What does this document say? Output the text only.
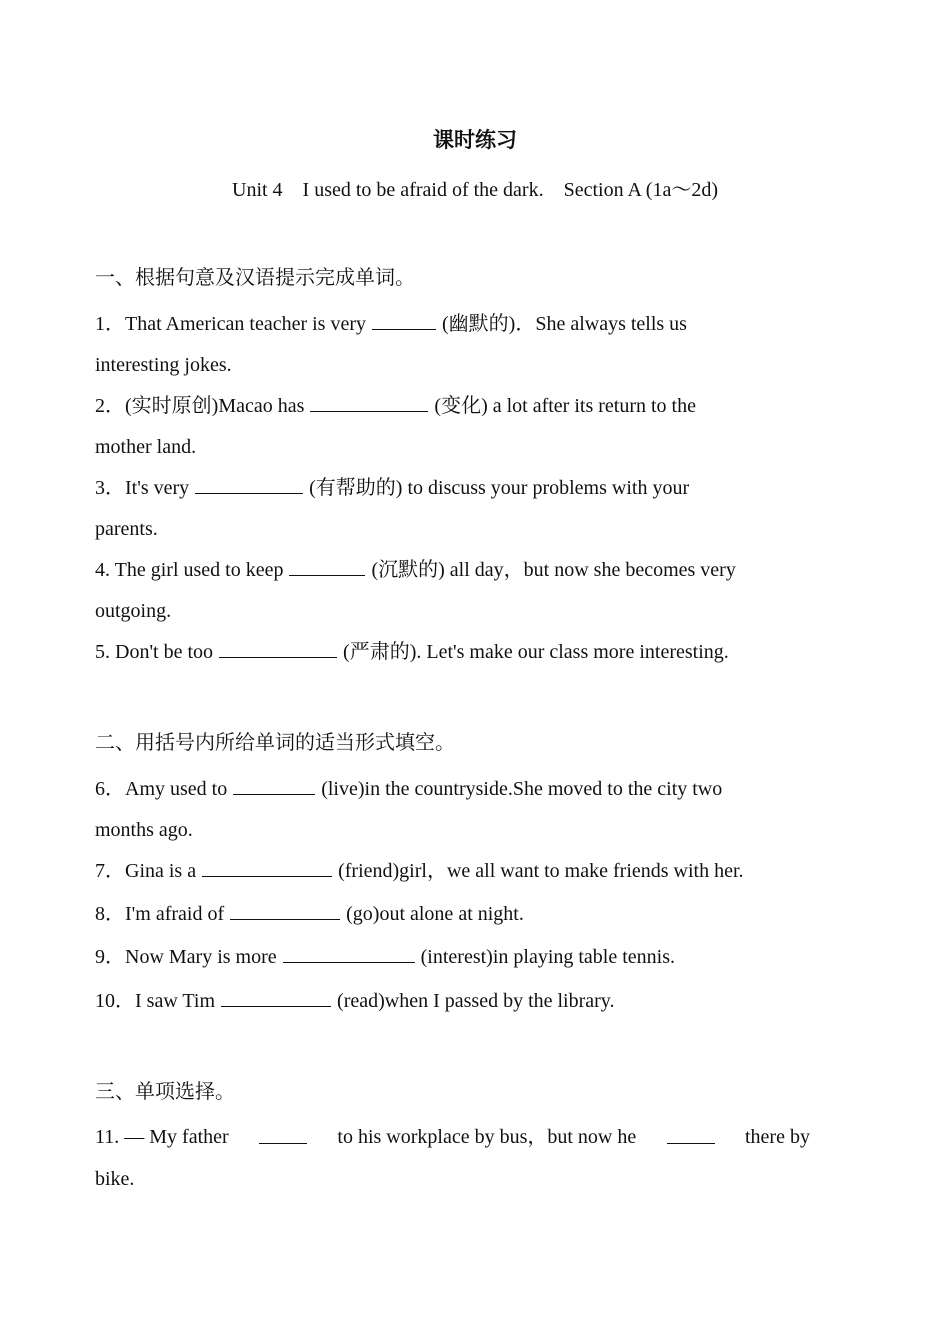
课时练习
Unit 4    I used to be afraid of the dark.    Section A (1a～2d)
一、根据句意及汉语提示完成单词。
1．That American teacher is very	(幽默的)．She always tells us
interesting jokes.
2．(实时原创)Macao has	(变化) a lot after its return to the
mother land.
3．It's very	(有帮助的) to discuss your problems with your
parents.
4. The girl used to keep	(沉默的) all day，but now she becomes very
outgoing.
5. Don't be too	(严肃的). Let's make our class more interesting.
二、用括号内所给单词的适当形式填空。
6．Amy used to	(live)in the countryside.She moved to the city two
months ago.
7．Gina is a	(friend)girl，we all want to make friends with her.
8．I'm afraid of	(go)out alone at night.
9．Now Mary is more	(interest)in playing table tennis.
10．I saw Tim	(read)when I passed by the library.
三、单项选择。
11. — My father	to his workplace by bus，but now he	there by
bike.
